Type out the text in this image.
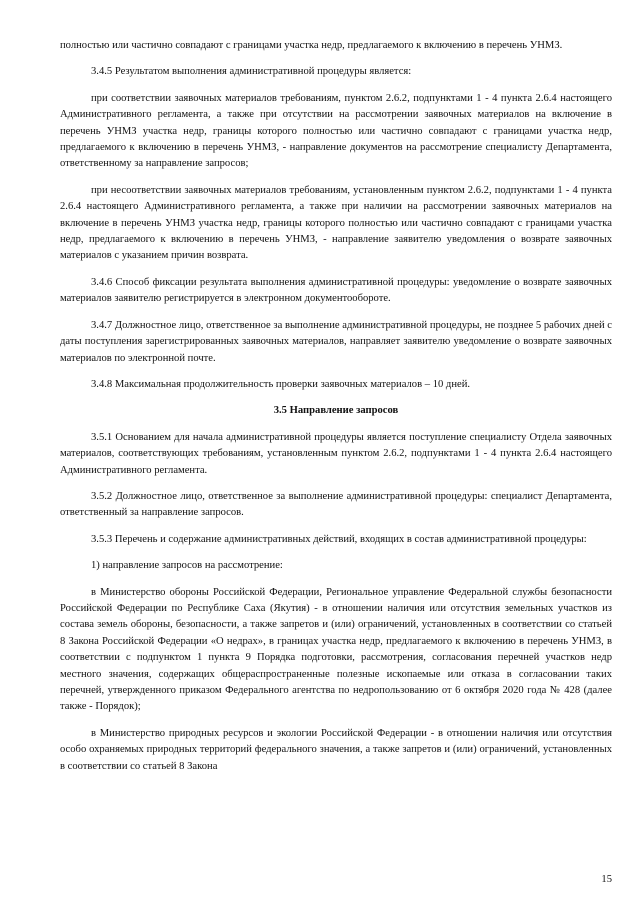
полностью или частично совпадают с границами участка недр, предлагаемого к включению в перечень УНМЗ.

3.4.5 Результатом выполнения административной процедуры является:

при соответствии заявочных материалов требованиям, пунктом 2.6.2, подпунктами 1 - 4 пункта 2.6.4 настоящего Административного регламента, а также при отсутствии на рассмотрении заявочных материалов на включение в перечень УНМЗ участка недр, границы которого полностью или частично совпадают с границами участка недр, предлагаемого к включению в перечень УНМЗ, - направление документов на рассмотрение специалисту Департамента, ответственному за направление запросов;

при несоответствии заявочных материалов требованиям, установленным пунктом 2.6.2, подпунктами 1 - 4 пункта 2.6.4 настоящего Административного регламента, а также при наличии на рассмотрении заявочных материалов на включение в перечень УНМЗ участка недр, границы которого полностью или частично совпадают с границами участка недр, предлагаемого к включению в перечень УНМЗ, - направление заявителю уведомления о возврате заявочных материалов с указанием причин возврата.

3.4.6 Способ фиксации результата выполнения административной процедуры: уведомление о возврате заявочных материалов заявителю регистрируется в электронном документообороте.

3.4.7 Должностное лицо, ответственное за выполнение административной процедуры, не позднее 5 рабочих дней с даты поступления зарегистрированных заявочных материалов, направляет заявителю уведомление о возврате заявочных материалов по электронной почте.

3.4.8 Максимальная продолжительность проверки заявочных материалов – 10 дней.

3.5 Направление запросов

3.5.1 Основанием для начала административной процедуры является поступление специалисту Отдела заявочных материалов, соответствующих требованиям, установленным пунктом 2.6.2, подпунктами 1 - 4 пункта 2.6.4 настоящего Административного регламента.

3.5.2 Должностное лицо, ответственное за выполнение административной процедуры: специалист Департамента, ответственный за направление запросов.

3.5.3 Перечень и содержание административных действий, входящих в состав административной процедуры:

1) направление запросов на рассмотрение:

в Министерство обороны Российской Федерации, Региональное управление Федеральной службы безопасности Российской Федерации по Республике Саха (Якутия) - в отношении наличия или отсутствия земельных участков из состава земель обороны, безопасности, а также запретов и (или) ограничений, установленных в соответствии со статьей 8 Закона Российской Федерации «О недрах», в границах участка недр, предлагаемого к включению в перечень УНМЗ, в соответствии с подпунктом 1 пункта 9 Порядка подготовки, рассмотрения, согласования перечней участков недр местного значения, содержащих общераспространенные полезные ископаемые или отказа в согласовании таких перечней, утвержденного приказом Федерального агентства по недропользованию от 6 октября 2020 года № 428 (далее также - Порядок);

в Министерство природных ресурсов и экологии Российской Федерации - в отношении наличия или отсутствия особо охраняемых природных территорий федерального значения, а также запретов и (или) ограничений, установленных в соответствии со статьей 8 Закона

15
